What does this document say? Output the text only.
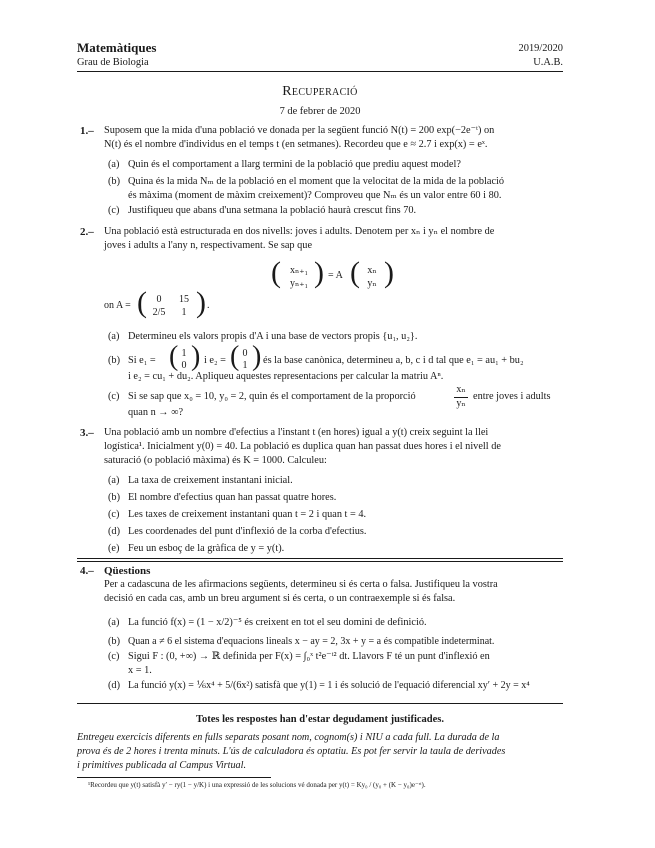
Matemàtiques
Grau de Biologia
2019/2020
U.A.B.
Recuperació
7 de febrer de 2020
1.– Suposem que la mida d'una població ve donada per la següent funció N(t) = 200 exp(−2e⁻ᵗ) on
N(t) és el nombre d'individus en el temps t (en setmanes). Recordeu que e ≈ 2.7 i exp(x) = eˣ.
(a) Quin és el comportament a llarg termini de la població que prediu aquest model?
(b) Quina és la mida Nₘ de la població en el moment que la velocitat de la mida de la població
és màxima (moment de màxim creixement)? Comproveu que Nₘ és un valor entre 60 i 80.
(c) Justifiqueu que abans d'una setmana la població haurà crescut fins 70.
2.– Una població està estructurada en dos nivells: joves i adults. Denotem per xₙ i yₙ el nombre de
joves i adults a l'any n, respectivament. Se sap que
( xₙ₊₁
yₙ₊₁ ) = A ( xₙ
yₙ )
on A = ( 0	15
2/5	1 ) .
(a) Determineu els valors propis d'A i una base de vectors propis {u₁, u₂}.
(b) Si e₁ = ( 1
0 ) i e₂ = ( 0
1 ) és la base canònica, determineu a, b, c i d tal que e₁ = au₁ + bu₂
i e₂ = cu₁ + du₂. Apliqueu aquestes representacions per calcular la matriu Aⁿ.
(c) Si se sap que x₀ = 10, y₀ = 2, quin és el comportament de la proporció
xₙ
yₙ
entre joves i adults
quan n → ∞?
3.– Una població amb un nombre d'efectius a l'instant t (en hores) igual a y(t) creix seguint la llei
logística¹. Inicialment y(0) = 40. La població es duplica quan han passat dues hores i el nivell de
saturació (o població màxima) és K = 1000. Calculeu:
(a) La taxa de creixement instantani inicial.
(b) El nombre d'efectius quan han passat quatre hores.
(c) Les taxes de creixement instantani quan t = 2 i quan t = 4.
(d) Les coordenades del punt d'inflexió de la corba d'efectius.
(e) Feu un esboç de la gràfica de y = y(t).
4.– Qüestions
Per a cadascuna de les afirmacions següents, determineu si és certa o falsa. Justifiqueu la vostra
decisió en cada cas, amb un breu argument si és certa, o un contraexemple si és falsa.
(a) La funció f(x) = (1 − x/2)⁻⁵ és creixent en tot el seu domini de definició.
(b) Quan a ≠ 6 el sistema d'equacions lineals x − ay = 2, 3x + y = a és compatible indeterminat.
(c) Sigui F : (0, +∞) → ℝ definida per F(x) = ∫₀ˣ t²e⁻ᵗ² dt. Llavors F té un punt d'inflexió en
x = 1.
(d) La funció y(x) = ⅙x⁴ + 5/(6x²) satisfà que y(1) = 1 i és solució de l'equació diferencial xy′ + 2y = x⁴
Totes les respostes han d'estar degudament justificades.
Entregeu exercicis diferents en fulls separats posant nom, cognom(s) i NIU a cada full. La durada de la
prova és de 2 hores i trenta minuts. L'ús de calculadora és optatiu. Es pot fer servir la taula de derivades
i primitives publicada al Campus Virtual.
¹Recordeu que y(t) satisfà y′ − ry(1 − y/K) i una expressió de les solucions vé donada per y(t) = Ky₀ / (y₀ + (K − y₀)e⁻ʳᵗ).
